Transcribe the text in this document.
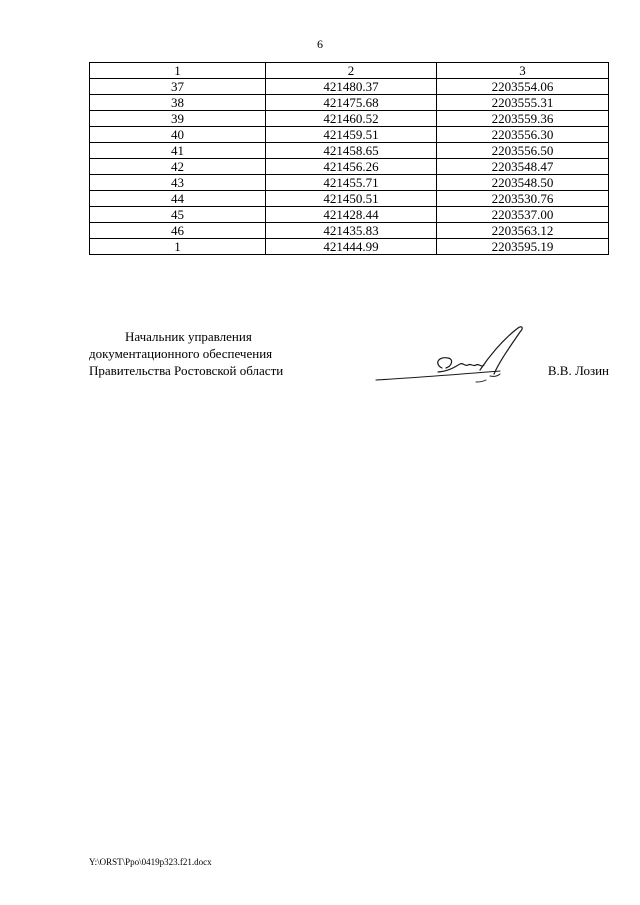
6
1	2	3
37	421480.37	2203554.06
38	421475.68	2203555.31
39	421460.52	2203559.36
40	421459.51	2203556.30
41	421458.65	2203556.50
42	421456.26	2203548.47
43	421455.71	2203548.50
44	421450.51	2203530.76
45	421428.44	2203537.00
46	421435.83	2203563.12
1	421444.99	2203595.19
Начальник управления
документационного обеспечения
Правительства Ростовской области	В.В. Лозин
Y:\ORST\Ppo\0419p323.f21.docx
